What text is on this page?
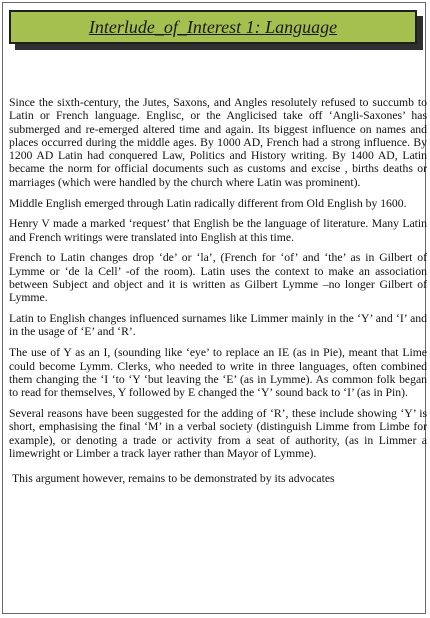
Interlude_of_Interest 1: Language

Since the sixth-century, the Jutes, Saxons, and Angles resolutely refused to succumb to Latin or French language. Englisc, or the Anglicised take off ‘Angli-Saxones’ has submerged and re-emerged altered time and again. Its biggest influence on names and places occurred during the middle ages. By 1000 AD, French had a strong influence. By 1200 AD Latin had conquered Law, Politics and History writing. By 1400 AD, Latin became the norm for official documents such as customs and excise , births deaths or marriages (which were handled by the church where Latin was prominent).

Middle English emerged through Latin radically different from Old English by 1600.

Henry V made a marked ‘request’ that English be the language of literature. Many Latin and French writings were translated into English at this time.

French to Latin changes drop ‘de’ or ‘la’, (French for ‘of’ and ‘the’ as in Gilbert of Lymme or ‘de la Cell’ -of the room). Latin uses the context to make an association between Subject and object and it is written as Gilbert Lymme –no longer Gilbert of Lymme.

Latin to English changes influenced surnames like Limmer mainly in the ‘Y’ and ‘I’ and in the usage of ‘E’ and ‘R’.

The use of Y as an I, (sounding like ‘eye’ to replace an IE (as in Pie), meant that Lime could become Lymm. Clerks, who needed to write in three languages, often combined them changing the ‘I ‘to ‘Y ‘but leaving the ‘E’ (as in Lymme). As common folk began to read for themselves, Y followed by E changed the ‘Y’ sound back to ‘I’ (as in Pin).

Several reasons have been suggested for the adding of ‘R’, these include showing ‘Y’ is short, emphasising the final ‘M’ in a verbal society (distinguish Limme from Limbe for example), or denoting a trade or activity from a seat of authority, (as in Limmer a limewright or Limber a track layer rather than Mayor of Lymme).

This argument however, remains to be demonstrated by its advocates
